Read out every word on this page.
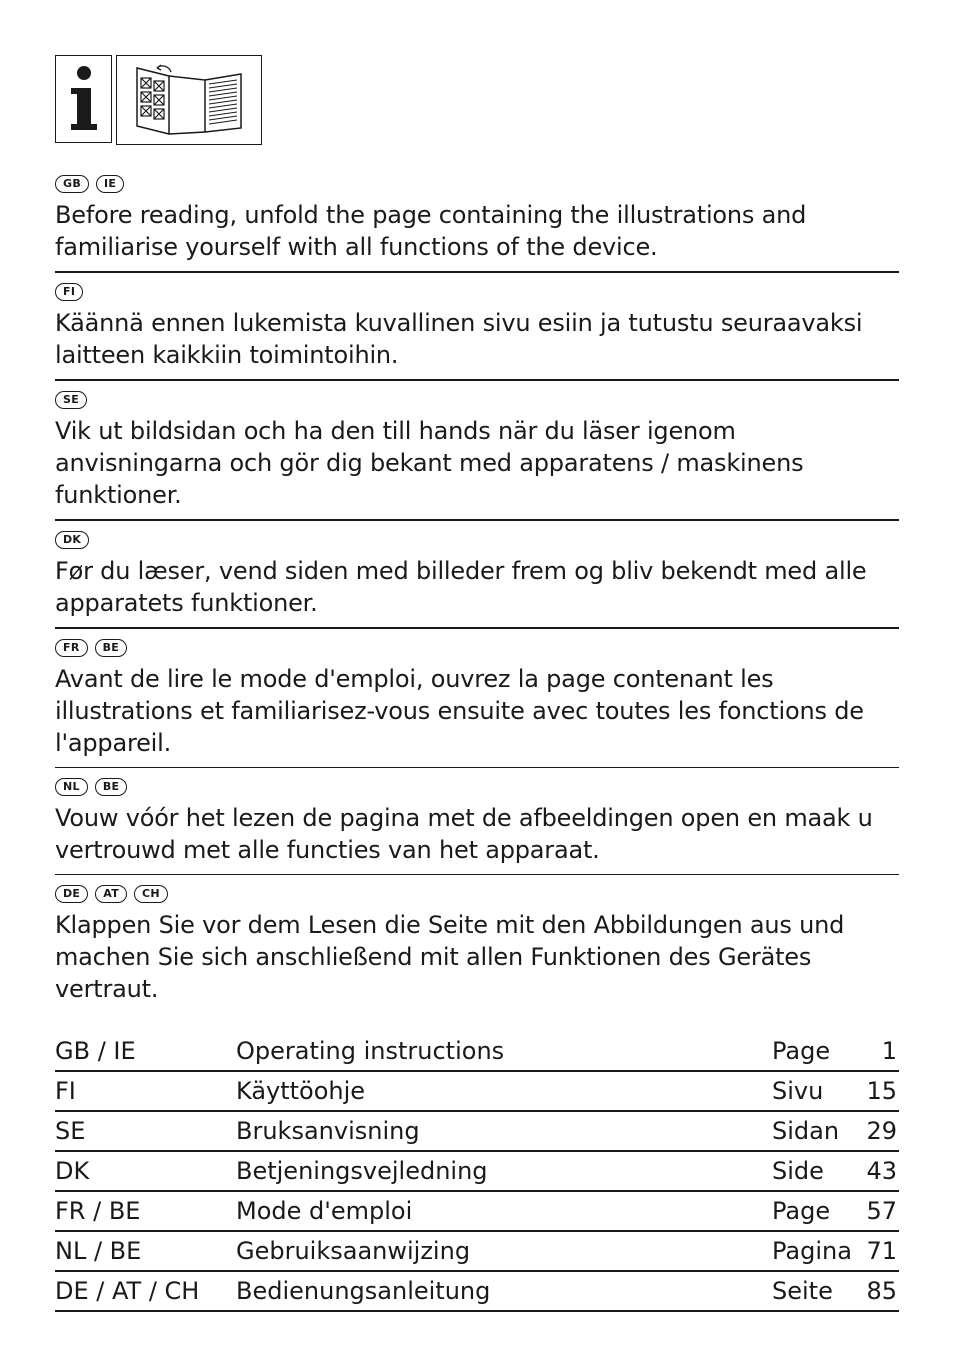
GB	IE

Before reading, unfold the page containing the illustrations and familiarise yourself with all functions of the device.

FI

Käännä ennen lukemista kuvallinen sivu esiin ja tutustu seuraavaksi laitteen kaikkiin toimintoihin.

SE

Vik ut bildsidan och ha den till hands när du läser igenom anvisningarna och gör dig bekant med apparatens / maskinens funktioner.

DK

Før du læser, vend siden med billeder frem og bliv bekendt med alle apparatets funktioner.

FR	BE

Avant de lire le mode d'emploi, ouvrez la page contenant les illustrations et familiarisez-vous ensuite avec toutes les fonctions de l'appareil.

NL	BE

Vouw vóór het lezen de pagina met de afbeeldingen open en maak u vertrouwd met alle functies van het apparaat.

DE	AT	CH

Klappen Sie vor dem Lesen die Seite mit den Abbildungen aus und machen Sie sich anschließend mit allen Funktionen des Gerätes vertraut.

GB / IE	Operating instructions	Page 1
FI	Käyttöohje	Sivu 15
SE	Bruksanvisning	Sidan 29
DK	Betjeningsvejledning	Side 43
FR / BE	Mode d'emploi	Page 57
NL / BE	Gebruiksaanwijzing	Pagina 71
DE / AT / CH Bedienungsanleitung	Seite 85
